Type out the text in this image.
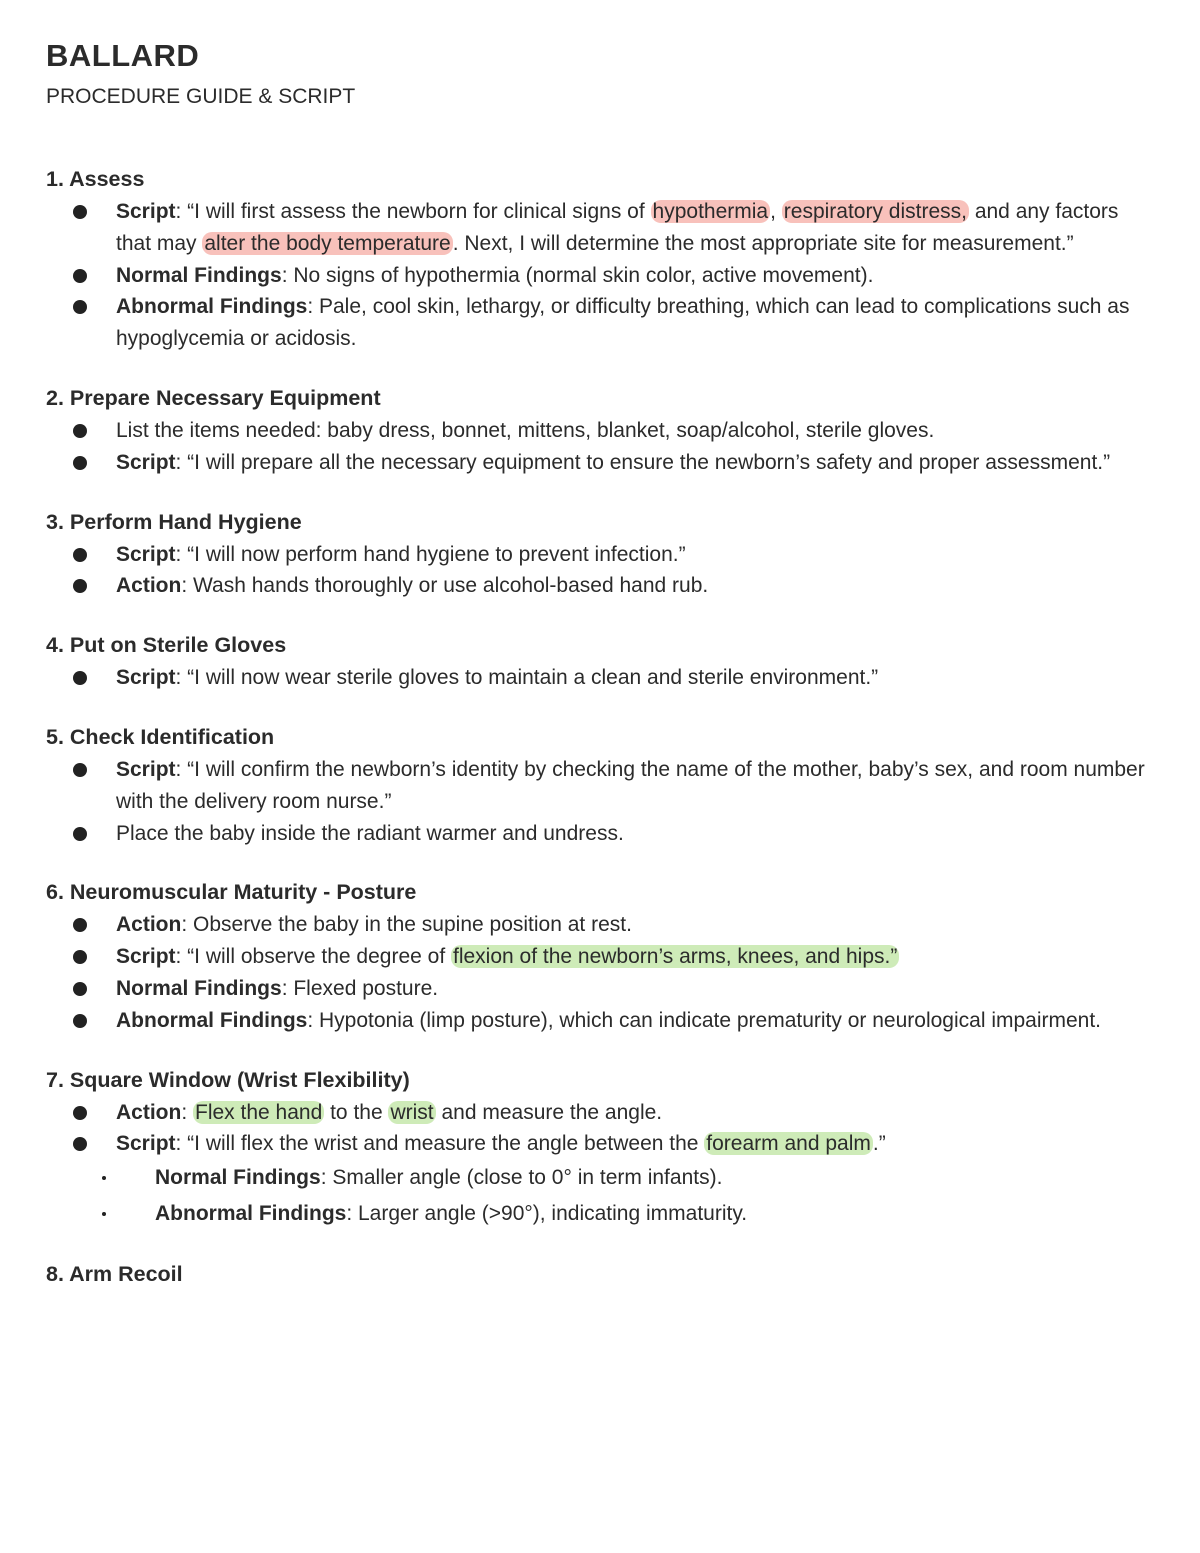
BALLARD
PROCEDURE GUIDE & SCRIPT
1. Assess
Script: “I will first assess the newborn for clinical signs of hypothermia, respiratory distress, and any factors that may alter the body temperature. Next, I will determine the most appropriate site for measurement.”
Normal Findings: No signs of hypothermia (normal skin color, active movement).
Abnormal Findings: Pale, cool skin, lethargy, or difficulty breathing, which can lead to complications such as hypoglycemia or acidosis.
2. Prepare Necessary Equipment
List the items needed: baby dress, bonnet, mittens, blanket, soap/alcohol, sterile gloves.
Script: “I will prepare all the necessary equipment to ensure the newborn’s safety and proper assessment.”
3. Perform Hand Hygiene
Script: “I will now perform hand hygiene to prevent infection.”
Action: Wash hands thoroughly or use alcohol-based hand rub.
4. Put on Sterile Gloves
Script: “I will now wear sterile gloves to maintain a clean and sterile environment.”
5. Check Identification
Script: “I will confirm the newborn’s identity by checking the name of the mother, baby’s sex, and room number with the delivery room nurse.”
Place the baby inside the radiant warmer and undress.
6. Neuromuscular Maturity - Posture
Action: Observe the baby in the supine position at rest.
Script: “I will observe the degree of flexion of the newborn’s arms, knees, and hips.”
Normal Findings: Flexed posture.
Abnormal Findings: Hypotonia (limp posture), which can indicate prematurity or neurological impairment.
7. Square Window (Wrist Flexibility)
Action: Flex the hand to the wrist and measure the angle.
Script: “I will flex the wrist and measure the angle between the forearm and palm.”
Normal Findings: Smaller angle (close to 0° in term infants).
Abnormal Findings: Larger angle (>90°), indicating immaturity.
8. Arm Recoil
